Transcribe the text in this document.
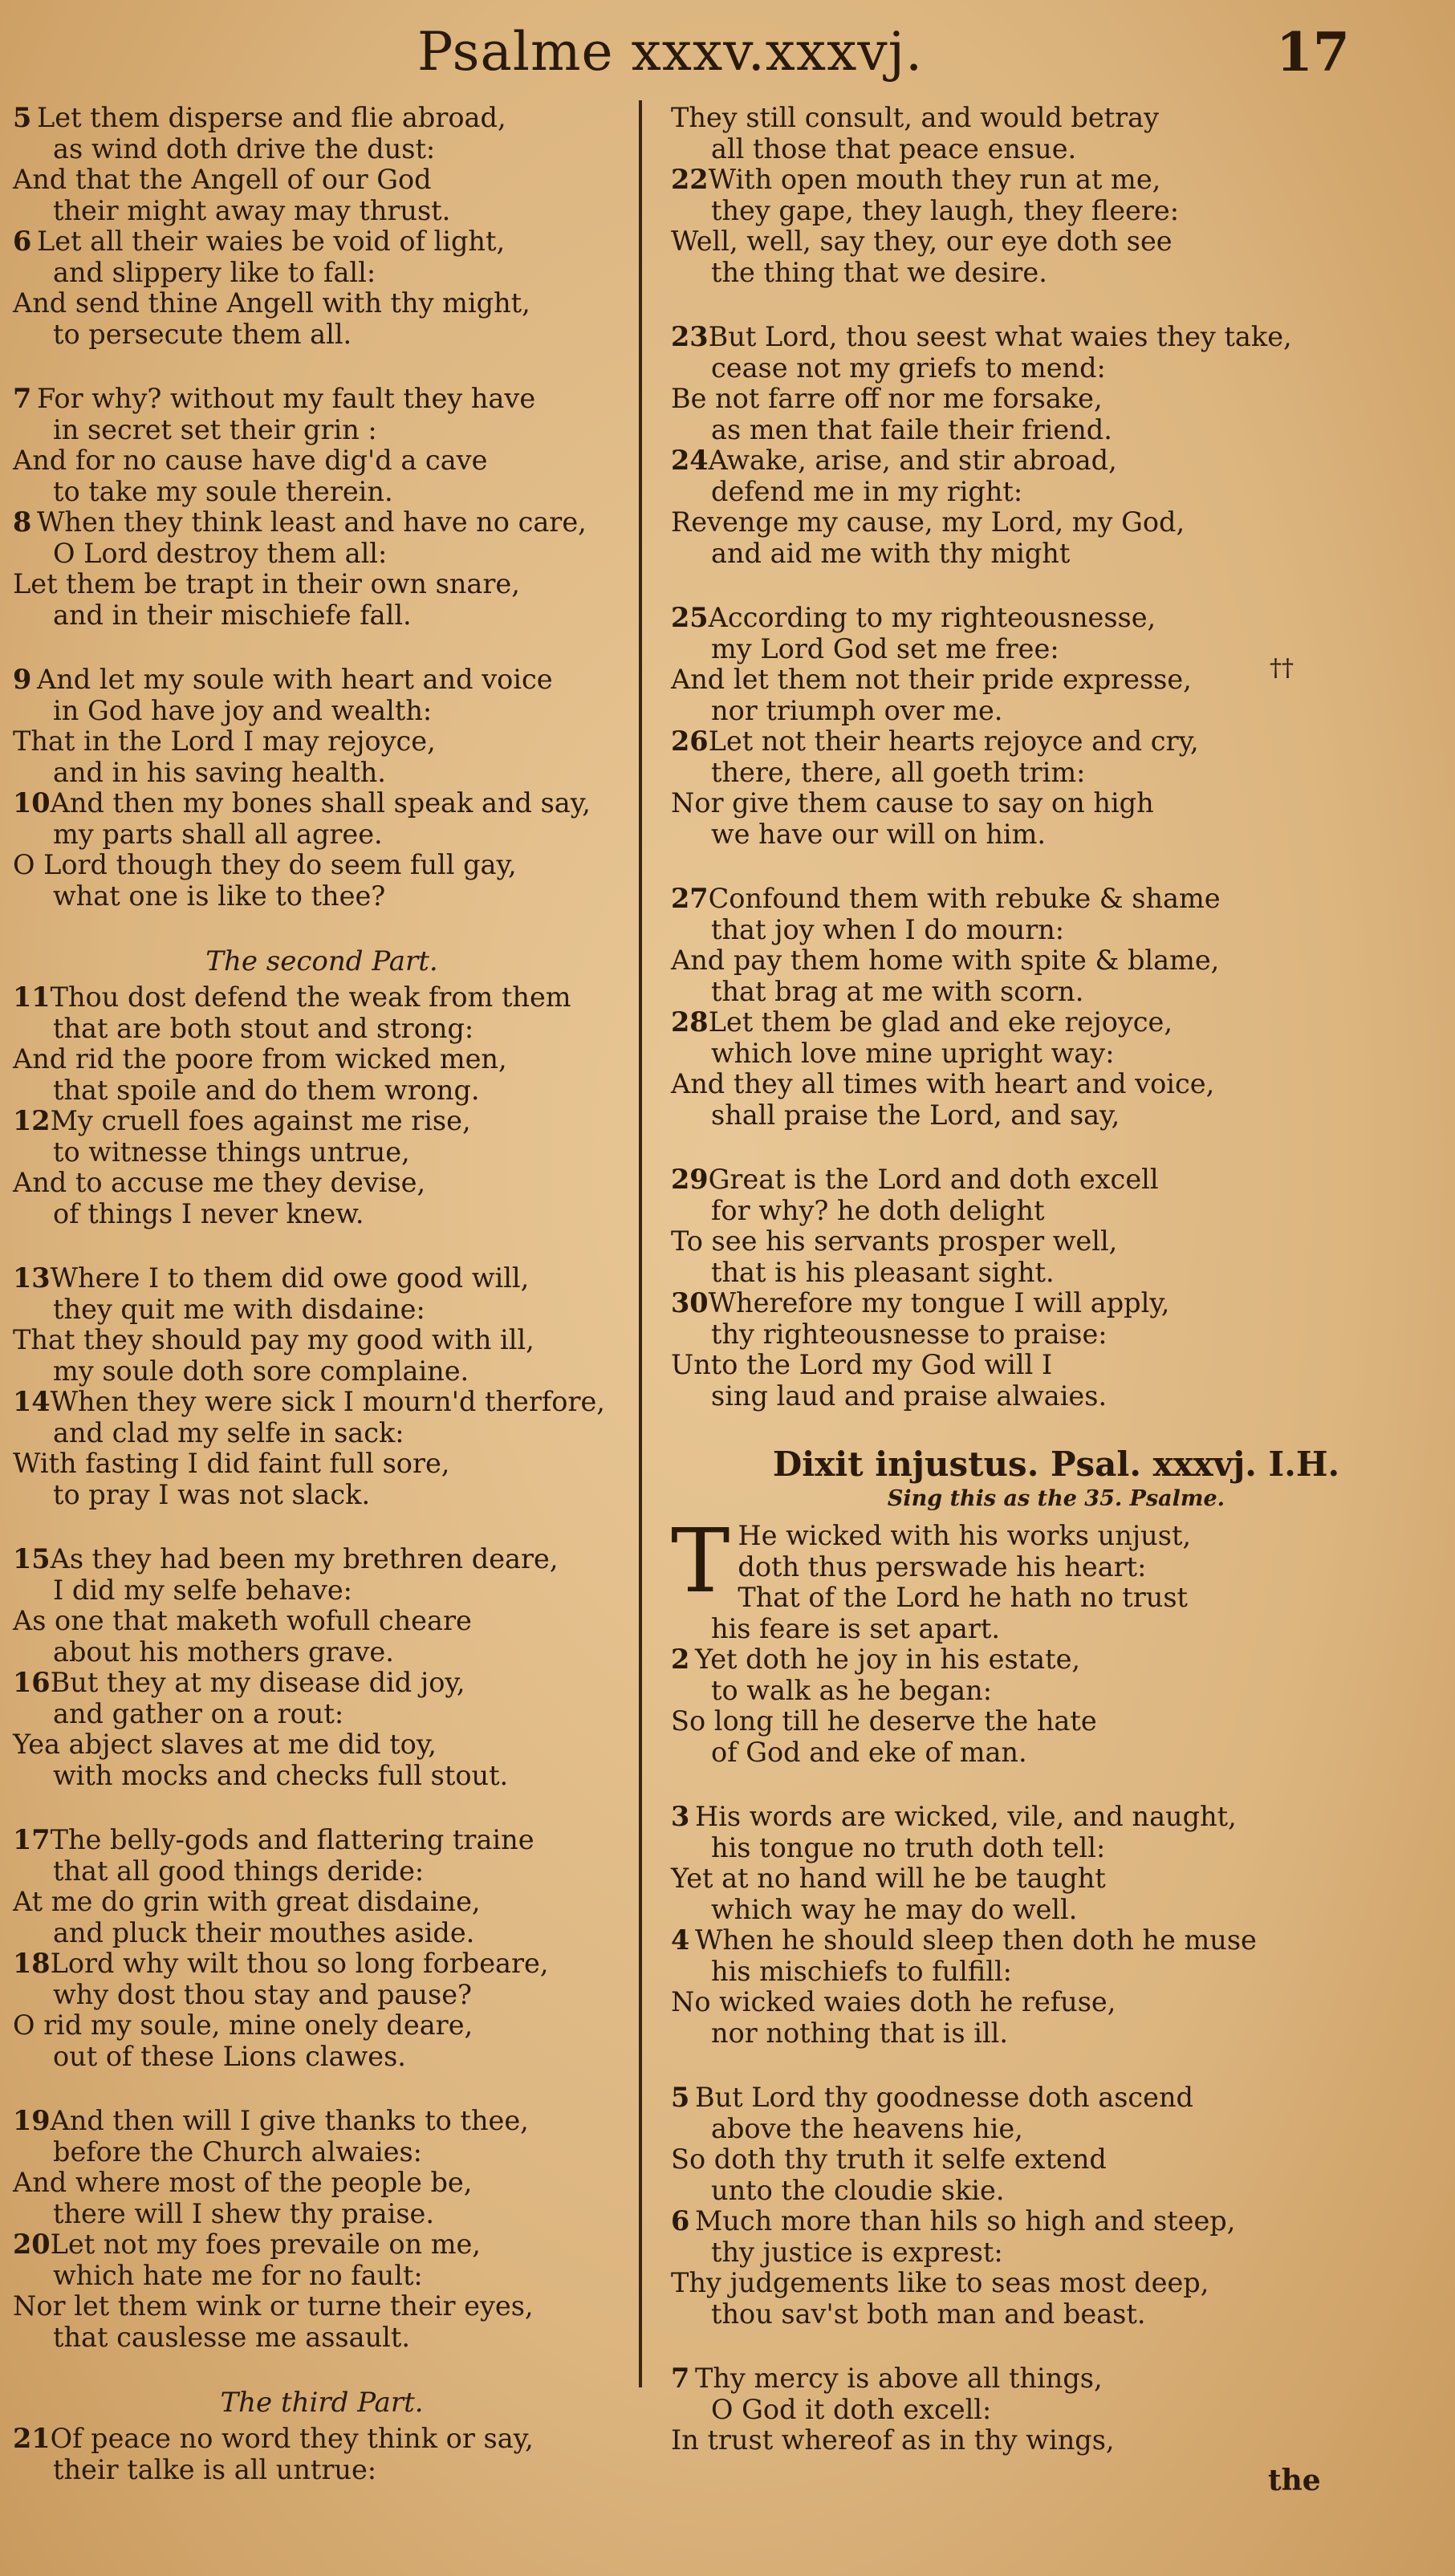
Psalme xxxv.xxxvj.	17
5Let them disperse and flie abroad,
as wind doth drive the dust:
And that the Angell of our God
their might away may thrust.
6Let all their waies be void of light,
and slippery like to fall:
And send thine Angell with thy might,
to persecute them all.
7For why? without my fault they have
in secret set their grin :
And for no cause have dig'd a cave
to take my soule therein.
8When they think least and have no care,
O Lord destroy them all:
Let them be trapt in their own snare,
and in their mischiefe fall.
9And let my soule with heart and voice
in God have joy and wealth:
That in the Lord I may rejoyce,
and in his saving health.
10And then my bones shall speak and say,
my parts shall all agree.
O Lord though they do seem full gay,
what one is like to thee?
The second Part.
11Thou dost defend the weak from them
that are both stout and strong:
And rid the poore from wicked men,
that spoile and do them wrong.
12My cruell foes against me rise,
to witnesse things untrue,
And to accuse me they devise,
of things I never knew.
13Where I to them did owe good will,
they quit me with disdaine:
That they should pay my good with ill,
my soule doth sore complaine.
14When they were sick I mourn'd therfore,
and clad my selfe in sack:
With fasting I did faint full sore,
to pray I was not slack.
15As they had been my brethren deare,
I did my selfe behave:
As one that maketh wofull cheare
about his mothers grave.
16But they at my disease did joy,
and gather on a rout:
Yea abject slaves at me did toy,
with mocks and checks full stout.
17The belly-gods and flattering traine
that all good things deride:
At me do grin with great disdaine,
and pluck their mouthes aside.
18Lord why wilt thou so long forbeare,
why dost thou stay and pause?
O rid my soule, mine onely deare,
out of these Lions clawes.
19And then will I give thanks to thee,
before the Church alwaies:
And where most of the people be,
there will I shew thy praise.
20Let not my foes prevaile on me,
which hate me for no fault:
Nor let them wink or turne their eyes,
that causlesse me assault.
The third Part.
21Of peace no word they think or say,
their talke is all untrue:
They still consult, and would betray
all those that peace ensue.
22With open mouth they run at me,
they gape, they laugh, they fleere:
Well, well, say they, our eye doth see
the thing that we desire.
23But Lord, thou seest what waies they take,
cease not my griefs to mend:
Be not farre off nor me forsake,
as men that faile their friend.
24Awake, arise, and stir abroad,
defend me in my right:
Revenge my cause, my Lord, my God,
and aid me with thy might
25According to my righteousnesse,
my Lord God set me free:
And let them not their pride expresse,
nor triumph over me.
26Let not their hearts rejoyce and cry,
there, there, all goeth trim:
Nor give them cause to say on high
we have our will on him.
27Confound them with rebuke & shame
that joy when I do mourn:
And pay them home with spite & blame,
that brag at me with scorn.
28Let them be glad and eke rejoyce,
which love mine upright way:
And they all times with heart and voice,
shall praise the Lord, and say,
29Great is the Lord and doth excell
for why? he doth delight
To see his servants prosper well,
that is his pleasant sight.
30Wherefore my tongue I will apply,
thy righteousnesse to praise:
Unto the Lord my God will I
sing laud and praise alwaies.
Dixit injustus. Psal. xxxvj. I.H.
Sing this as the 35. Psalme.
T He wicked with his works unjust,
doth thus perswade his heart:
That of the Lord he hath no trust
his feare is set apart.
2Yet doth he joy in his estate,
to walk as he began:
So long till he deserve the hate
of God and eke of man.
3His words are wicked, vile, and naught,
his tongue no truth doth tell:
Yet at no hand will he be taught
which way he may do well.
4When he should sleep then doth he muse
his mischiefs to fulfill:
No wicked waies doth he refuse,
nor nothing that is ill.
5But Lord thy goodnesse doth ascend
above the heavens hie,
So doth thy truth it selfe extend
unto the cloudie skie.
6Much more than hils so high and steep,
thy justice is exprest:
Thy judgements like to seas most deep,
thou sav'st both man and beast.
7Thy mercy is above all things,
O God it doth excell:
In trust whereof as in thy wings,
††
the
